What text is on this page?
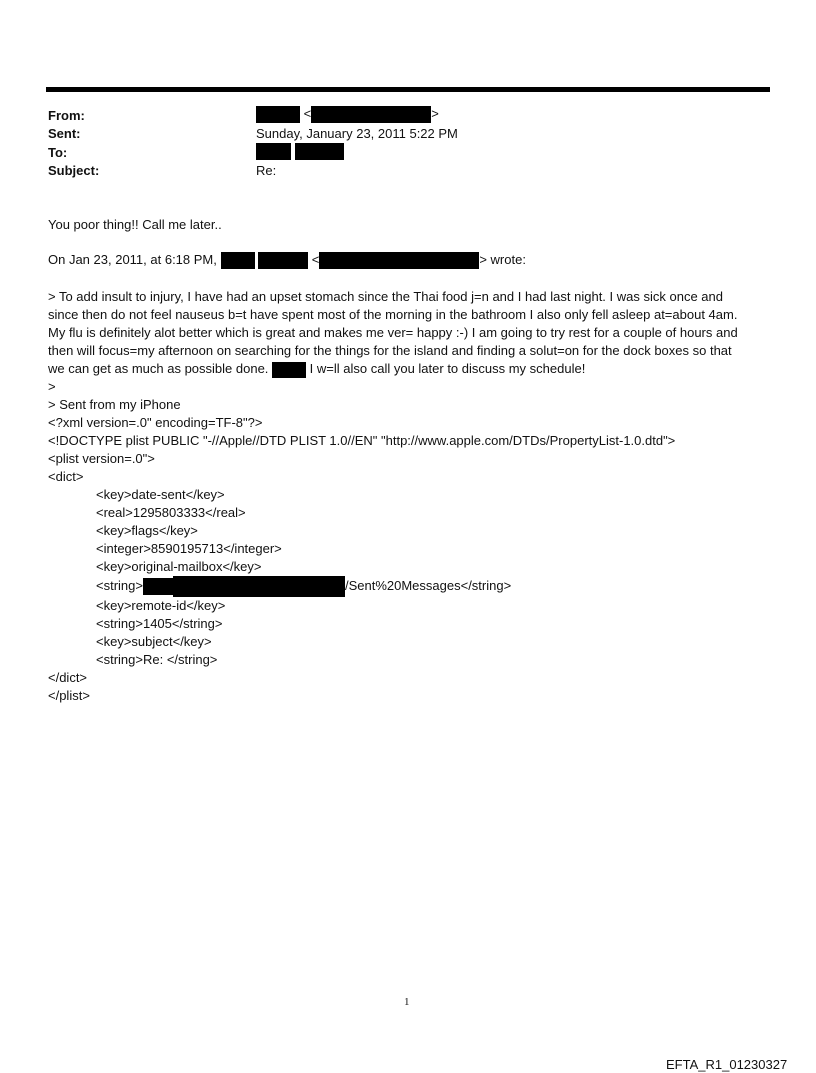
From:	<	>
Sent:	Sunday, January 23, 2011 5:22 PM
To:

Subject:	Re:
You poor thing!! Call me later..
On Jan 23, 2011, at 6:18 PM,	<	> wrote:
> To add insult to injury, I have had an upset stomach since the Thai food j=n and I had last night. I was sick once and
since then do not feel nauseus b=t have spent most of the morning in the bathroom I also only fell asleep at=about 4am.
My flu is definitely alot better which is great and makes me ver= happy :-) I am going to try rest for a couple of hours and
then will focus=my afternoon on searching for the things for the island and finding a solut=on for the dock boxes so that
we can get as much as possible done.	I w=ll also call you later to discuss my schedule!
>
> Sent from my iPhone
<?xml version=.0" encoding=TF-8"?>
<!DOCTYPE plist PUBLIC "-//Apple//DTD PLIST 1.0//EN" "http://www.apple.com/DTDs/PropertyList-1.0.dtd">
<plist version=.0">
<dict>
<key>date-sent</key>
<real>1295803333</real>
<key>flags</key>
<integer>8590195713</integer>
<key>original-mailbox</key>
<string>	/Sent%20Messages</string>
<key>remote-id</key>
<string>1405</string>
<key>subject</key>
<string>Re: </string>
</dict>
</plist>
1
EFTA_R1_01230327
